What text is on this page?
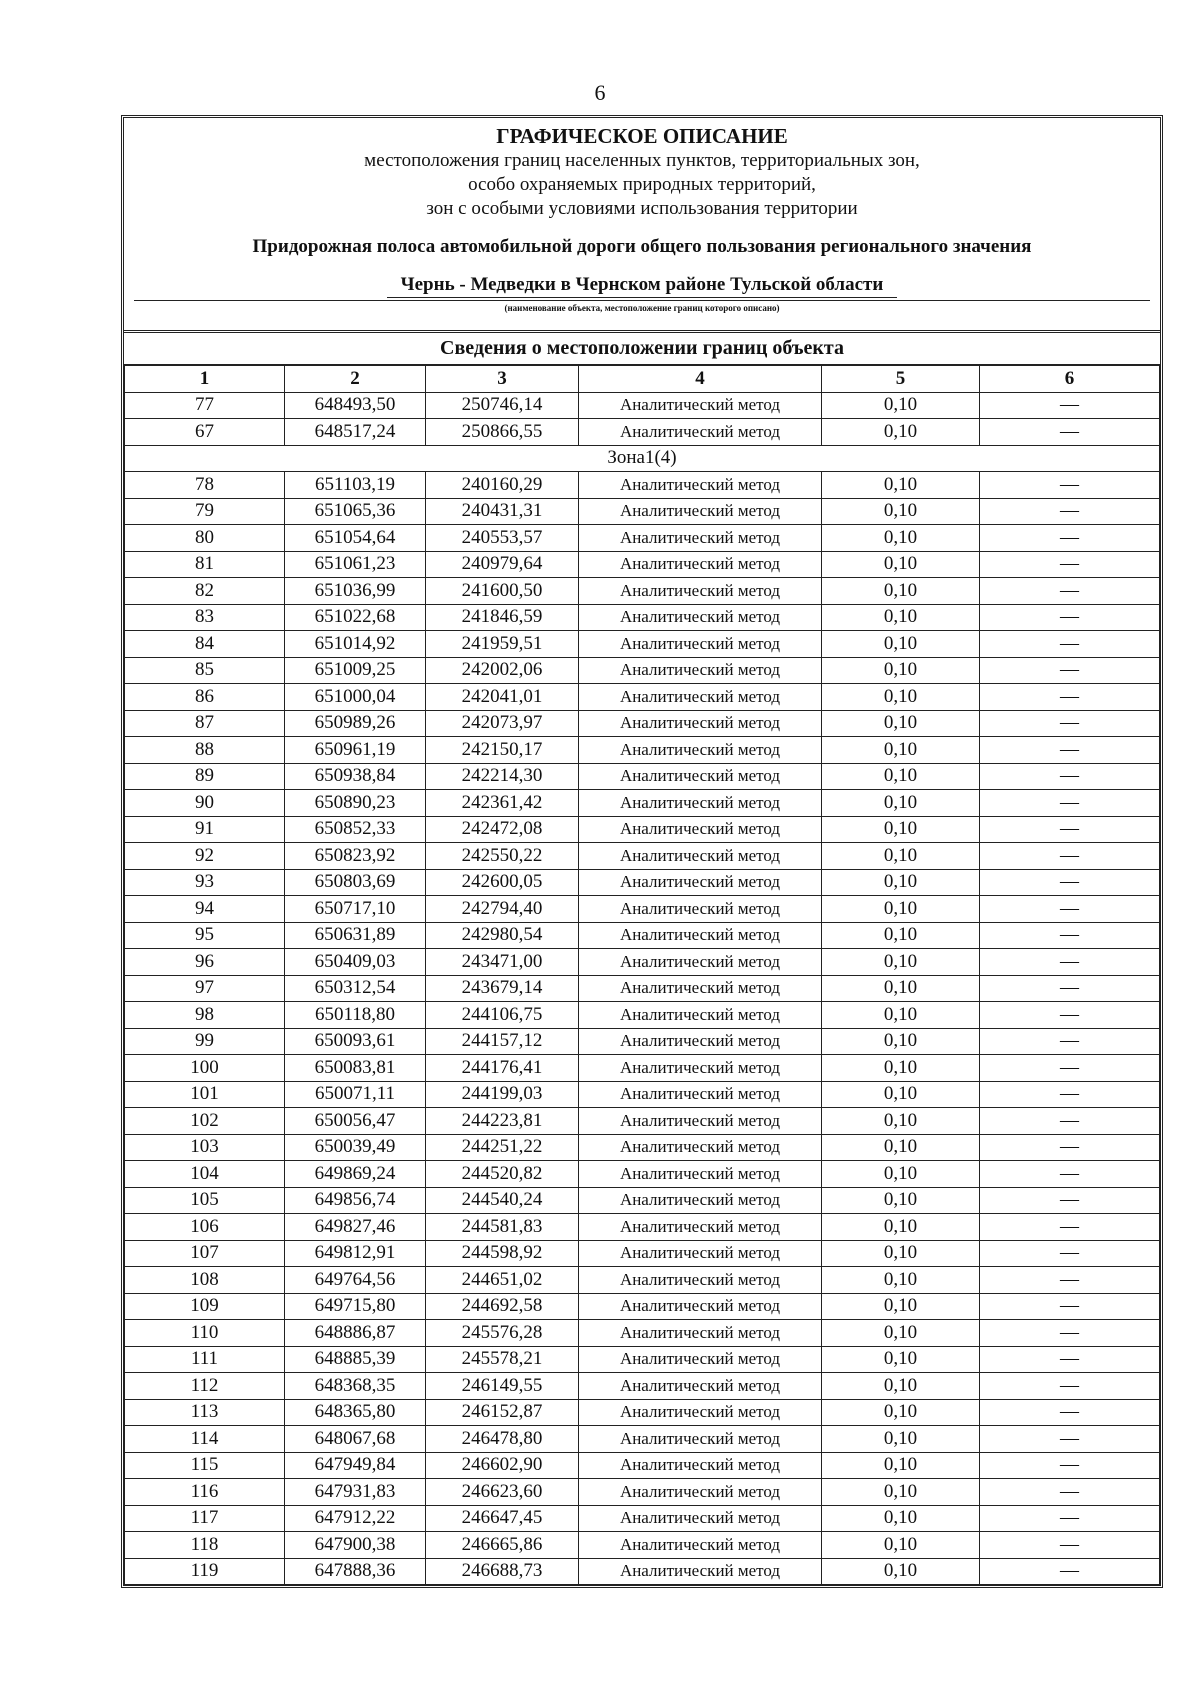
6
ГРАФИЧЕСКОЕ ОПИСАНИЕ
местоположения границ населенных пунктов, территориальных зон,
особо охраняемых природных территорий,
зон с особыми условиями использования территории
Придорожная полоса автомобильной дороги общего пользования регионального значения
Чернь - Медведки в Чернском районе Тульской области
(наименование объекта, местоположение границ которого описано)
Сведения о местоположении границ объекта
1	2	3	4	5	6
77	648493,50	250746,14	Аналитический метод	0,10	—
67	648517,24	250866,55	Аналитический метод	0,10	—
Зона1(4)					
78	651103,19	240160,29	Аналитический метод	0,10	—
79	651065,36	240431,31	Аналитический метод	0,10	—
80	651054,64	240553,57	Аналитический метод	0,10	—
81	651061,23	240979,64	Аналитический метод	0,10	—
82	651036,99	241600,50	Аналитический метод	0,10	—
83	651022,68	241846,59	Аналитический метод	0,10	—
84	651014,92	241959,51	Аналитический метод	0,10	—
85	651009,25	242002,06	Аналитический метод	0,10	—
86	651000,04	242041,01	Аналитический метод	0,10	—
87	650989,26	242073,97	Аналитический метод	0,10	—
88	650961,19	242150,17	Аналитический метод	0,10	—
89	650938,84	242214,30	Аналитический метод	0,10	—
90	650890,23	242361,42	Аналитический метод	0,10	—
91	650852,33	242472,08	Аналитический метод	0,10	—
92	650823,92	242550,22	Аналитический метод	0,10	—
93	650803,69	242600,05	Аналитический метод	0,10	—
94	650717,10	242794,40	Аналитический метод	0,10	—
95	650631,89	242980,54	Аналитический метод	0,10	—
96	650409,03	243471,00	Аналитический метод	0,10	—
97	650312,54	243679,14	Аналитический метод	0,10	—
98	650118,80	244106,75	Аналитический метод	0,10	—
99	650093,61	244157,12	Аналитический метод	0,10	—
100	650083,81	244176,41	Аналитический метод	0,10	—
101	650071,11	244199,03	Аналитический метод	0,10	—
102	650056,47	244223,81	Аналитический метод	0,10	—
103	650039,49	244251,22	Аналитический метод	0,10	—
104	649869,24	244520,82	Аналитический метод	0,10	—
105	649856,74	244540,24	Аналитический метод	0,10	—
106	649827,46	244581,83	Аналитический метод	0,10	—
107	649812,91	244598,92	Аналитический метод	0,10	—
108	649764,56	244651,02	Аналитический метод	0,10	—
109	649715,80	244692,58	Аналитический метод	0,10	—
110	648886,87	245576,28	Аналитический метод	0,10	—
111	648885,39	245578,21	Аналитический метод	0,10	—
112	648368,35	246149,55	Аналитический метод	0,10	—
113	648365,80	246152,87	Аналитический метод	0,10	—
114	648067,68	246478,80	Аналитический метод	0,10	—
115	647949,84	246602,90	Аналитический метод	0,10	—
116	647931,83	246623,60	Аналитический метод	0,10	—
117	647912,22	246647,45	Аналитический метод	0,10	—
118	647900,38	246665,86	Аналитический метод	0,10	—
119	647888,36	246688,73	Аналитический метод	0,10	—
